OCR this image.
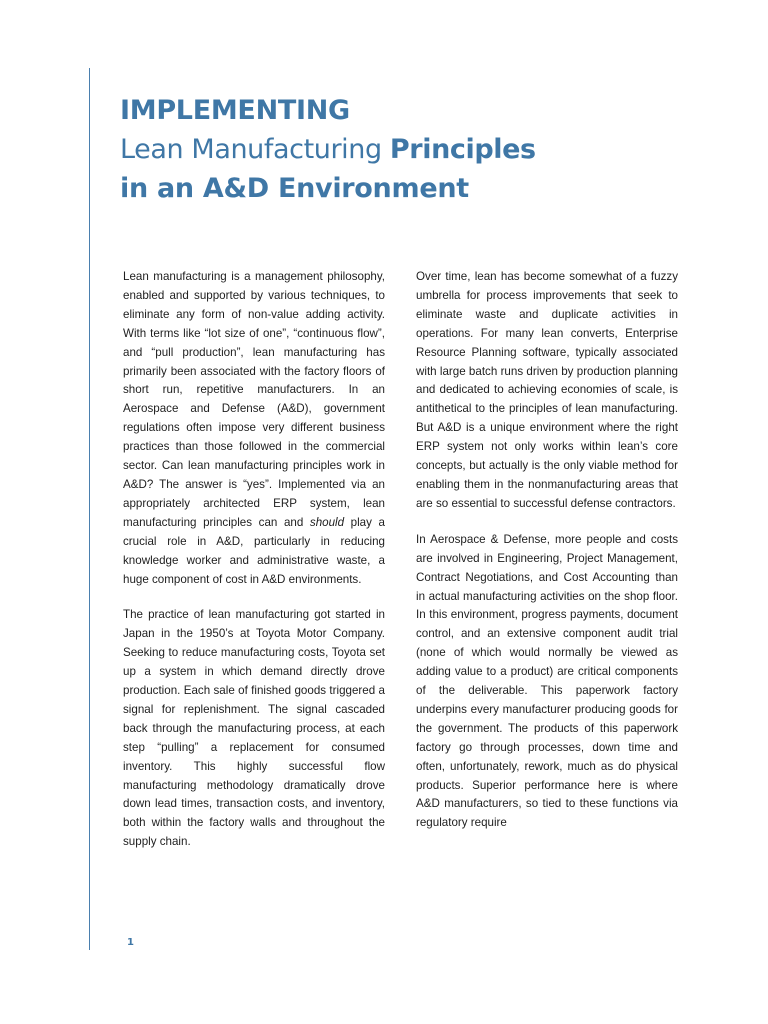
IMPLEMENTING
Lean Manufacturing Principles
in an A&D Environment

Lean manufacturing is a management philosophy, enabled and supported by various techniques, to eliminate any form of non-value adding activity. With terms like “lot size of one”, “continuous flow”, and “pull production”, lean manufacturing has primarily been associated with the factory floors of short run, repetitive manufacturers. In an Aerospace and Defense (A&D), government regulations often impose very different business practices than those followed in the commercial sector. Can lean manufacturing principles work in A&D? The answer is “yes”. Implemented via an appropriately architected ERP system, lean manufacturing principles can and should play a crucial role in A&D, particularly in reducing knowledge worker and administrative waste, a huge component of cost in A&D environments.

The practice of lean manufacturing got started in Japan in the 1950’s at Toyota Motor Company. Seeking to reduce manufacturing costs, Toyota set up a system in which demand directly drove production. Each sale of finished goods triggered a signal for replenishment. The signal cascaded back through the manufacturing process, at each step “pulling” a replacement for consumed inventory. This highly successful flow manufacturing methodology dramatically drove down lead times, transaction costs, and inventory, both within the factory walls and throughout the supply chain.

Over time, lean has become somewhat of a fuzzy umbrella for process improvements that seek to eliminate waste and duplicate activities in operations. For many lean converts, Enterprise Resource Planning software, typically associated with large batch runs driven by production planning and dedicated to achieving economies of scale, is antithetical to the principles of lean manufacturing. But A&D is a unique environment where the right ERP system not only works within lean’s core concepts, but actually is the only viable method for enabling them in the nonmanufacturing areas that are so essential to successful defense contractors.

In Aerospace & Defense, more people and costs are involved in Engineering, Project Management, Contract Negotiations, and Cost Accounting than in actual manufacturing activities on the shop floor. In this environment, progress payments, document control, and an extensive component audit trial (none of which would normally be viewed as adding value to a product) are critical components of the deliverable. This paperwork factory underpins every manufacturer producing goods for the government. The products of this paperwork factory go through processes, down time and often, unfortunately, rework, much as do physical products. Superior performance here is where A&D manufacturers, so tied to these functions via regulatory require

1
